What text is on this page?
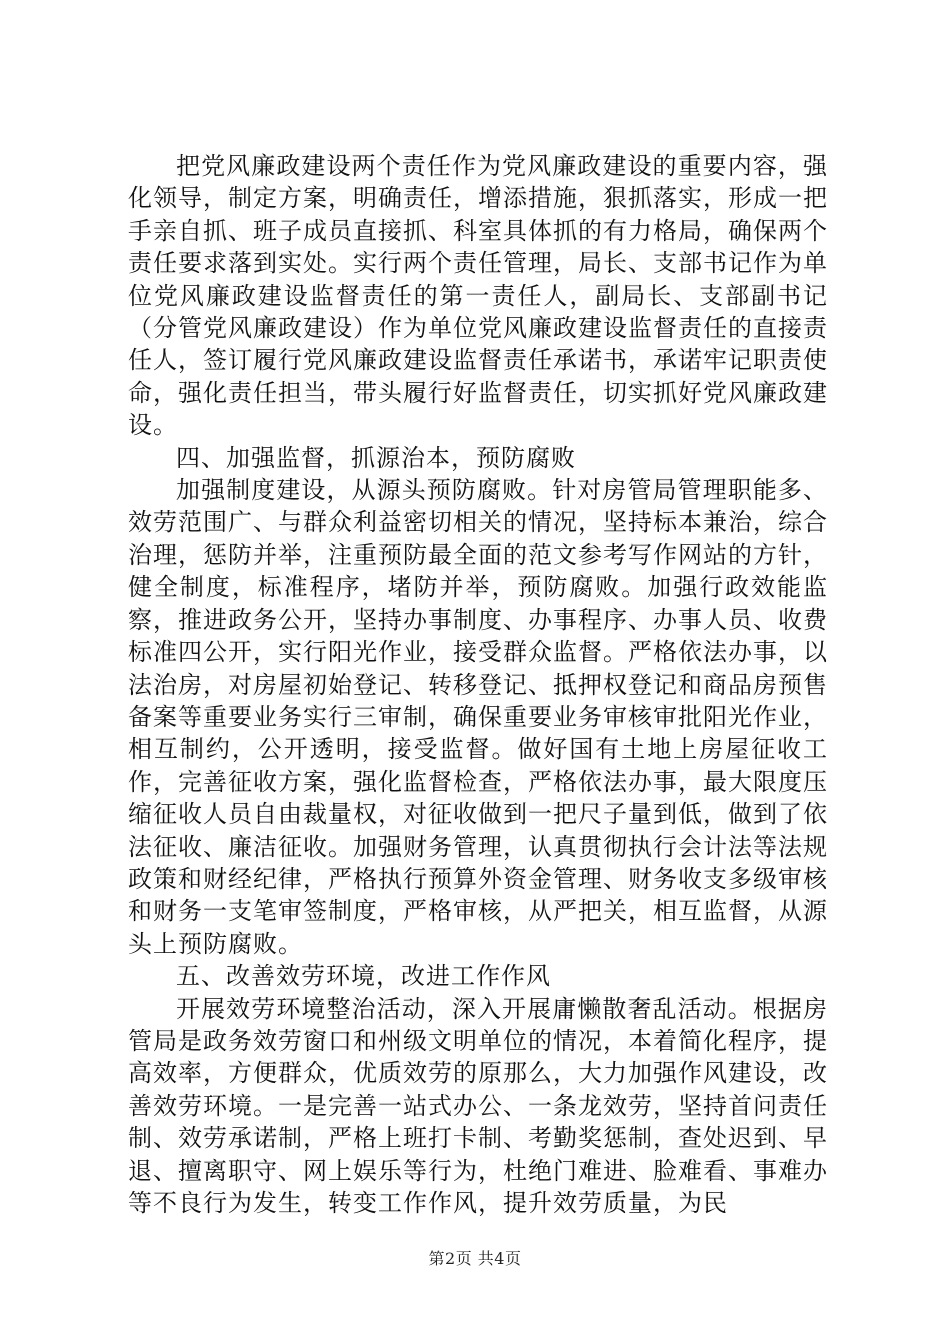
把党风廉政建设两个责任作为党风廉政建设的重要内容，强化领导，制定方案，明确责任，增添措施，狠抓落实，形成一把手亲自抓、班子成员直接抓、科室具体抓的有力格局，确保两个责任要求落到实处。实行两个责任管理，局长、支部书记作为单位党风廉政建设监督责任的第一责任人，副局长、支部副书记（分管党风廉政建设）作为单位党风廉政建设监督责任的直接责任人，签订履行党风廉政建设监督责任承诺书，承诺牢记职责使命，强化责任担当，带头履行好监督责任，切实抓好党风廉政建设。

四、加强监督，抓源治本，预防腐败

加强制度建设，从源头预防腐败。针对房管局管理职能多、效劳范围广、与群众利益密切相关的情况，坚持标本兼治，综合治理，惩防并举，注重预防最全面的范文参考写作网站的方针，健全制度，标准程序，堵防并举，预防腐败。加强行政效能监察，推进政务公开，坚持办事制度、办事程序、办事人员、收费标准四公开，实行阳光作业，接受群众监督。严格依法办事，以法治房，对房屋初始登记、转移登记、抵押权登记和商品房预售备案等重要业务实行三审制，确保重要业务审核审批阳光作业，相互制约，公开透明，接受监督。做好国有土地上房屋征收工作，完善征收方案，强化监督检查，严格依法办事，最大限度压缩征收人员自由裁量权，对征收做到一把尺子量到低，做到了依法征收、廉洁征收。加强财务管理，认真贯彻执行会计法等法规政策和财经纪律，严格执行预算外资金管理、财务收支多级审核和财务一支笔审签制度，严格审核，从严把关，相互监督，从源头上预防腐败。

五、改善效劳环境，改进工作作风

开展效劳环境整治活动，深入开展庸懒散奢乱活动。根据房管局是政务效劳窗口和州级文明单位的情况，本着简化程序，提高效率，方便群众，优质效劳的原那么，大力加强作风建设，改善效劳环境。一是完善一站式办公、一条龙效劳，坚持首问责任制、效劳承诺制，严格上班打卡制、考勤奖惩制，查处迟到、早退、擅离职守、网上娱乐等行为，杜绝门难进、脸难看、事难办等不良行为发生，转变工作作风，提升效劳质量，为民

第2页 共4页
